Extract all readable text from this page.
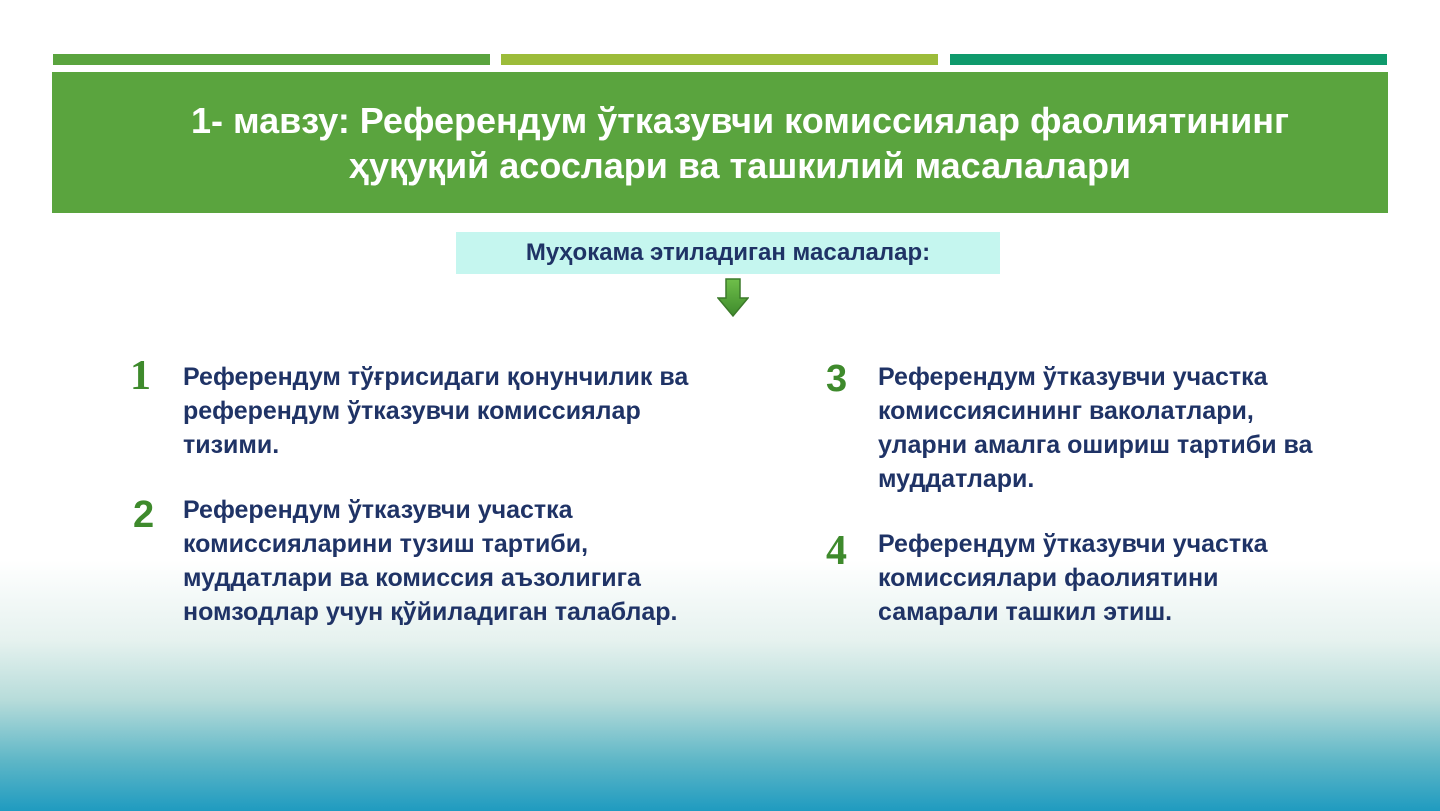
1- мавзу: Референдум ўтказувчи комиссиялар фаолиятининг
ҳуқуқий асослари ва ташкилий масалалари
Муҳокама этиладиган масалалар:
1 Референдум тўғрисидаги қонунчилик ва
референдум ўтказувчи комиссиялар
тизими.
2 Референдум ўтказувчи участка
комиссияларини тузиш тартиби,
муддатлари ва комиссия аъзолигига
номзодлар учун қўйиладиган талаблар.
3 Референдум ўтказувчи участка
комиссиясининг ваколатлари,
уларни амалга ошириш тартиби ва
муддатлари.
4 Референдум ўтказувчи участка
комиссиялари фаолиятини
самарали ташкил этиш.
